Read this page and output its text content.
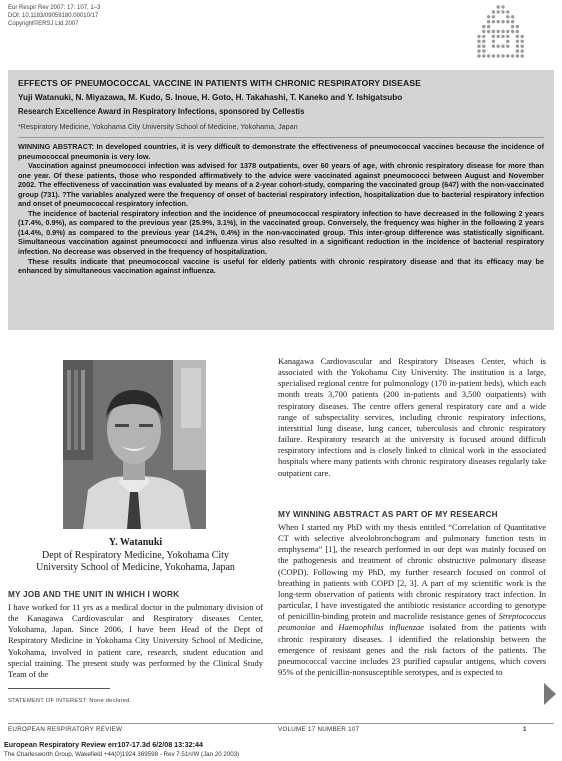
Eur Respir Rev 2007; 17: 107, 1–3
DOI: 10.1183/09059180.00010/17
Copyright©ERSJ Ltd 2007
EFFECTS OF PNEUMOCOCCAL VACCINE IN PATIENTS WITH CHRONIC RESPIRATORY DISEASE
Yuji Watanuki, N. Miyazawa, M. Kudo, S. Inoue, H. Goto, H. Takahashi, T. Kaneko and Y. Ishigatsubo
Research Excellence Award in Respiratory Infections, sponsored by Cellestis
*Respiratory Medicine, Yokohama City University School of Medicine, Yokohama, Japan

WINNING ABSTRACT: In developed countries, it is very difficult to demonstrate the effectiveness of pneumococcal vaccines because the incidence of pneumococcal pneumonia is very low.

Vaccination against pneumococci infection was advised for 1378 outpatients, over 60 years of age, with chronic respiratory disease for more than one year. Of these patients, those who responded affirmatively to the advice were vaccinated against pneumococci between August and November 2002. The effectiveness of vaccination was evaluated by means of a 2-year cohort-study, comparing the vaccinated group (647) with the non-vaccinated group (731). ?The variables analyzed were the frequency of onset of bacterial respiratory infection, hospitalization due to bacterial respiratory infection and onset of pneumococcal respiratory infection.

The incidence of bacterial respiratory infection and the incidence of pneumococcal respiratory infection to have decreased in the following 2 years (17.4%, 0.9%), as compared to the previous year (25.9%, 3.1%), in the vaccinated group. Conversely, the frequency was higher in the following 2 years (14.4%, 0.9%) as compared to the previous year (14.2%, 0.4%) in the non-vaccinated group. This inter-group difference was statistically significant. Simultaneous vaccination against pneumococci and influenza virus also resulted in a significant reduction in the incidence of bacterial respiratory infection. No decrease was observed in the frequency of hospitalization.

These results indicate that pneumococcal vaccine is useful for elderly patients with chronic respiratory disease and that its efficacy may be enhanced by simultaneous vaccination against influenza.

Y. Watanuki
Dept of Respiratory Medicine, Yokohama City
University School of Medicine, Yokohama, Japan
MY JOB AND THE UNIT IN WHICH I WORK
I have worked for 11 yrs as a medical doctor in the pulmonary division of the Kanagawa Cardiovascular and Respiratory diseases Center, Yokohama, Japan. Since 2006, I have been Head of the Dept of Respiratory Medicine in Yokohama City University School of Medicine, Yokohama, involved in patient care, research, student education and special training. The present study was performed by the Clinical Study Team of the
Kanagawa Cardiovascular and Respiratory Diseases Center, which is associated with the Yokohama City University. The institution is a large, specialised regional centre for pulmonology (170 in-patient beds), which each month treats 3,700 patients (200 in-patients and 3,500 outpatients) with respiratory diseases. The centre offers general respiratory care and a wide range of subspeciality services, including chronic respiratory infections, interstitial lung disease, lung cancer, tuberculosis and chronic respiratory failure. Respiratory research at the university is focused around difficult respiratory infections and is closely linked to clinical work in the associated hospitals where many patients with chronic respiratory diseases regularly take outpatient care.
MY WINNING ABSTRACT AS PART OF MY RESEARCH
When I started my PhD with my thesis entitled “Correlation of Quantitative CT with selective alveolobronchogram and pulmonary function tests in emphysema” [1], the research performed in our dept was mainly focused on the pathogenesis and treatment of chronic obstructive pulmonary disease (COPD). Following my PhD, my further research focused on control of breathing in patients with COPD [2, 3]. A part of my scientific work is the long-term observation of patients with chronic respiratory tract infection. In particular, I have investigated the antibiotic resistance according to genotype of penicillin-binding protein and macrolide resistance genes of Streptococcus peumoniae and Haemophilus influenzae isolated from the patients with chronic respiratory diseases. I identified the relationship between the emergence of resistant genes and the risk factors of the patients. The pneumococcal vaccine includes 23 purified capsular antigens, which covers 95% of the penicillin-nonsusceptible serotypes, and is expected to
STATEMENT OF INTEREST: None declared.
EUROPEAN RESPIRATORY REVIEW	VOLUME 17 NUMBER 107	1
European Respiratory Review err107-17.3d 6/2/08 13:32:44
The Charlesworth Group, Wakefield +44(0)1924 369598 - Rev 7.51n/W (Jan 20 2003)
